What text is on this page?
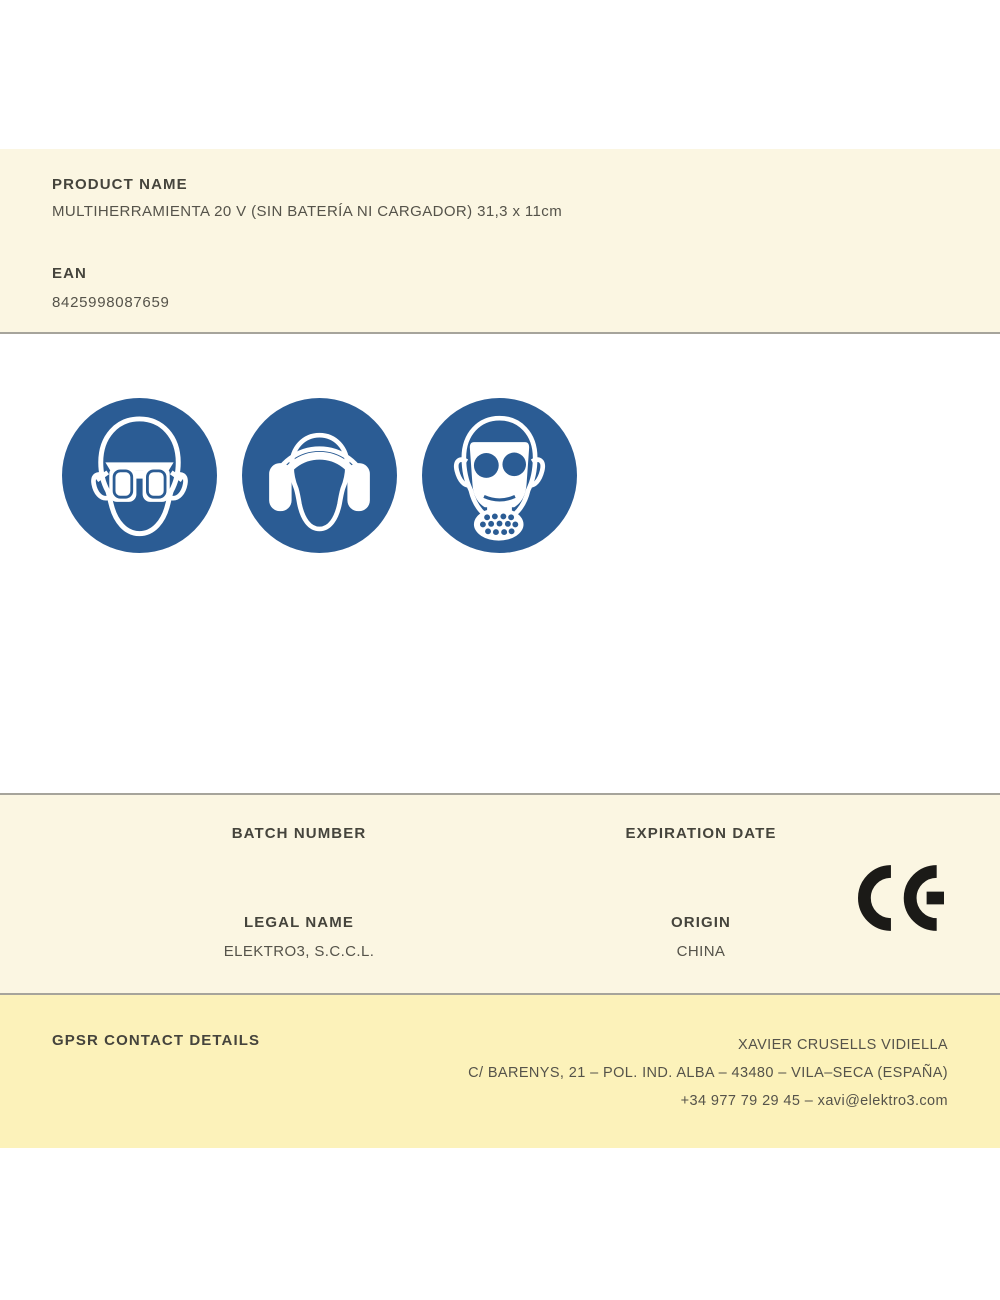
PRODUCT NAME
MULTIHERRAMIENTA 20 V (SIN BATERÍA NI CARGADOR) 31,3 x 11cm
EAN
8425998087659
BATCH NUMBER	EXPIRATION DATE
LEGAL NAME
ELEKTRO3, S.C.C.L.
ORIGIN
CHINA
GPSR CONTACT DETAILS	XAVIER CRUSELLS VIDIELLA
C/ BARENYS, 21 – POL. IND. ALBA – 43480 – VILA–SECA (ESPAÑA)
+34 977 79 29 45 – xavi@elektro3.com
